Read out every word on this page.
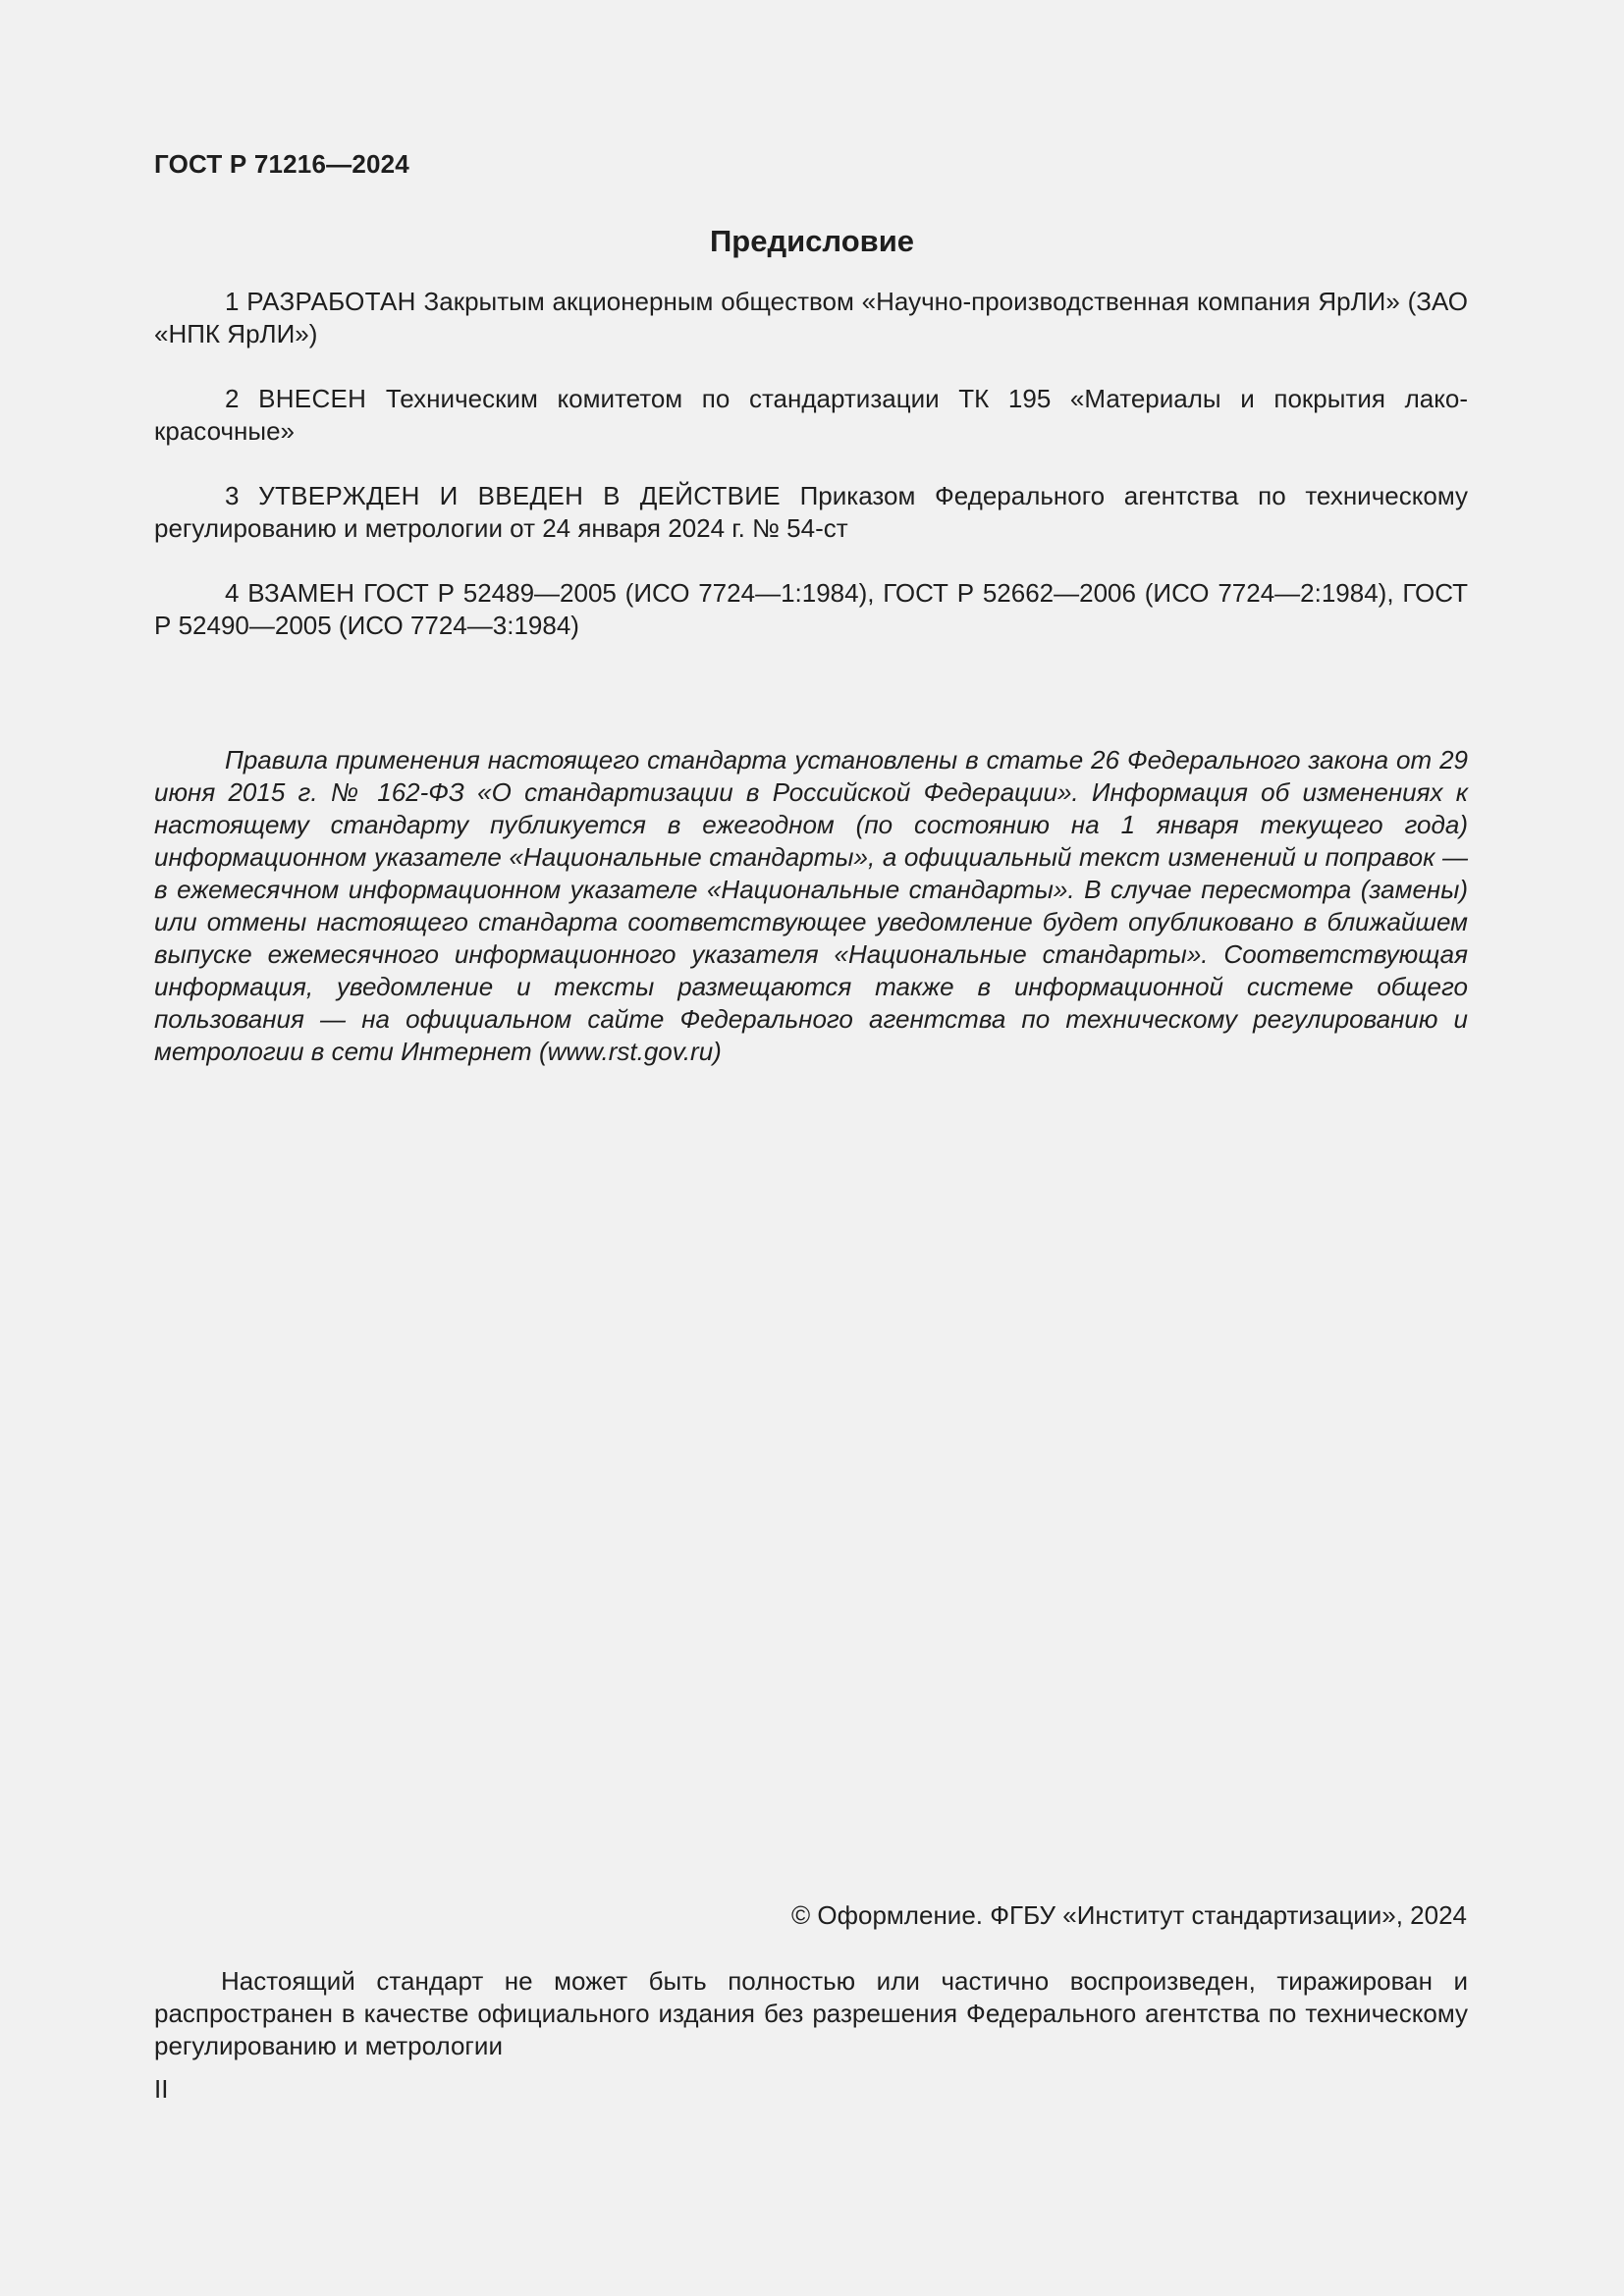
ГОСТ Р 71216—2024
Предисловие

1 РАЗРАБОТАН Закрытым акционерным обществом «Научно-производственная компания ЯрЛИ» (ЗАО «НПК ЯрЛИ»)

2 ВНЕСЕН Техническим комитетом по стандартизации ТК 195 «Материалы и покрытия лако-красочные»

3 УТВЕРЖДЕН И ВВЕДЕН В ДЕЙСТВИЕ Приказом Федерального агентства по техническому регулированию и метрологии от 24 января 2024 г. № 54-ст

4 ВЗАМЕН ГОСТ Р 52489—2005 (ИСО 7724—1:1984), ГОСТ Р 52662—2006 (ИСО 7724—2:1984), ГОСТ Р 52490—2005 (ИСО 7724—3:1984)

Правила применения настоящего стандарта установлены в статье 26 Федерального закона от 29 июня 2015 г. № 162-ФЗ «О стандартизации в Российской Федерации». Информация об изменениях к настоящему стандарту публикуется в ежегодном (по состоянию на 1 января текущего года) информационном указателе «Национальные стандарты», а официальный текст изменений и поправок — в ежемесячном информационном указателе «Национальные стандарты». В случае пересмотра (замены) или отмены настоящего стандарта соответствующее уведомление будет опубликовано в ближайшем выпуске ежемесячного информационного указателя «Национальные стандарты». Соответствующая информация, уведомление и тексты размещаются также в информационной системе общего пользования — на официальном сайте Федерального агентства по техническому регулированию и метрологии в сети Интернет (www.rst.gov.ru)

© Оформление. ФГБУ «Институт стандартизации», 2024

Настоящий стандарт не может быть полностью или частично воспроизведен, тиражирован и распространен в качестве официального издания без разрешения Федерального агентства по техническому регулированию и метрологии

II
